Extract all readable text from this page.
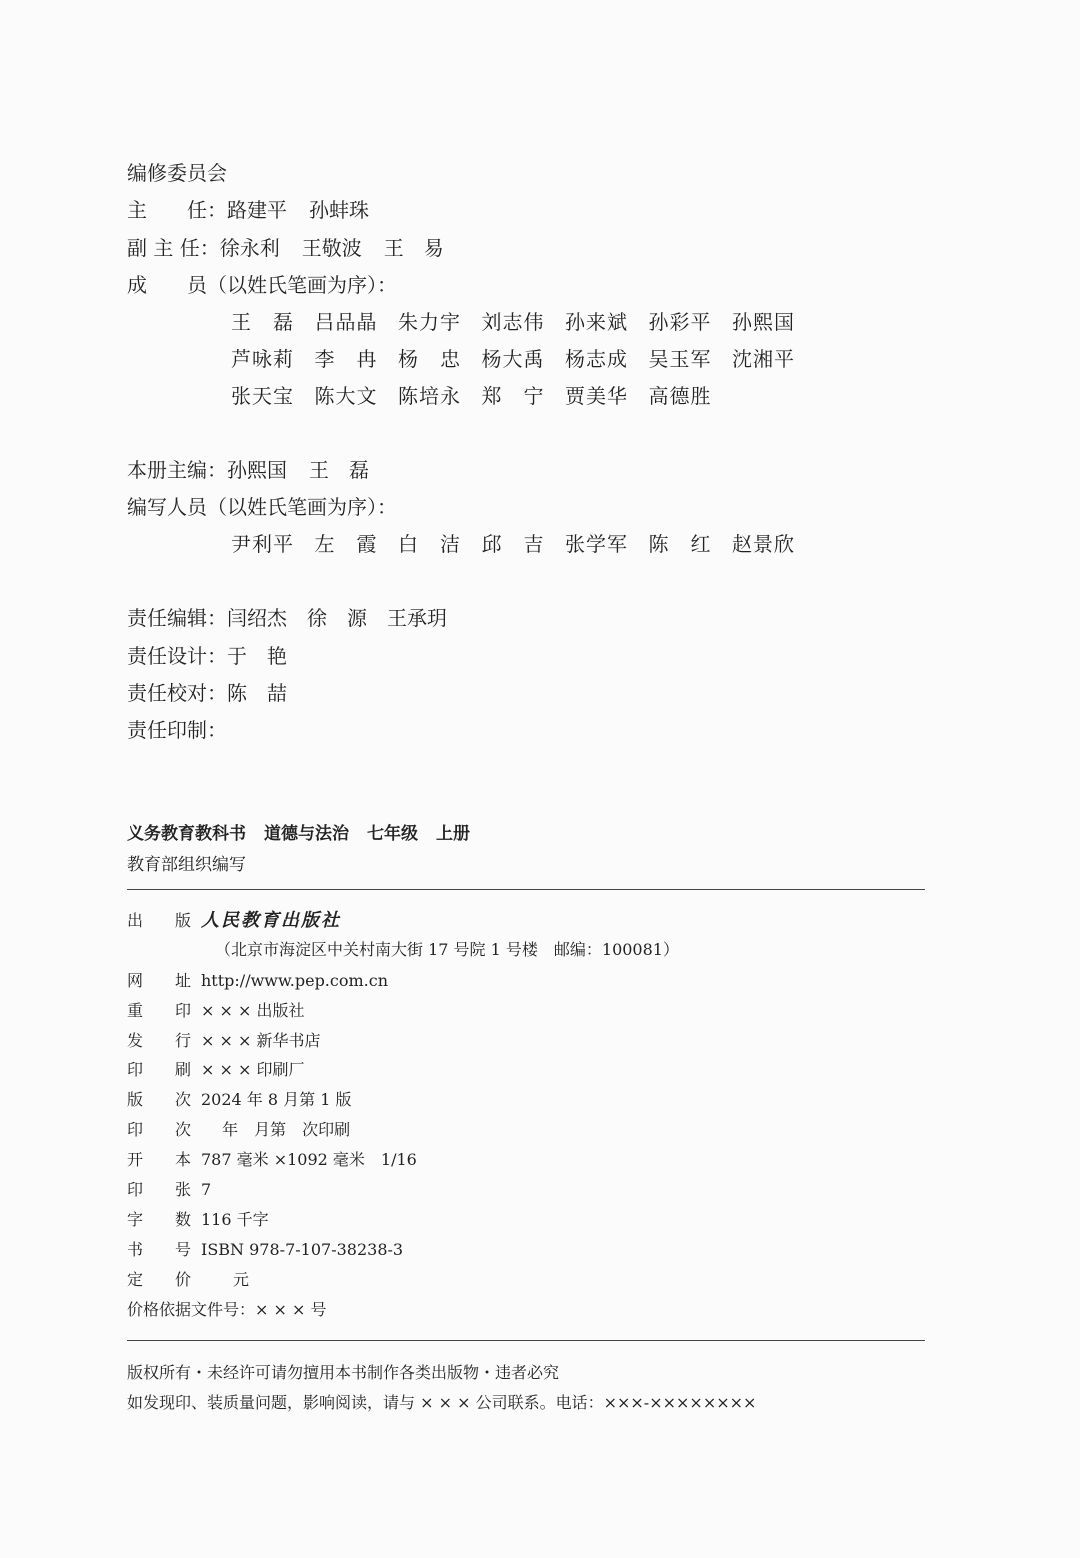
编修委员会
主　　任：路建平 孙蚌珠
副 主 任：徐永利 王敬波 王　易
成　　员（以姓氏笔画为序）：
王　磊 吕品晶 朱力宇 刘志伟 孙来斌 孙彩平 孙熙国
芦咏莉 李　冉 杨　忠 杨大禹 杨志成 吴玉军 沈湘平
张天宝 陈大文 陈培永 郑　宁 贾美华 高德胜
本册主编：孙熙国 王　磊
编写人员（以姓氏笔画为序）：
尹利平 左　霞 白　洁 邱　吉 张学军 陈　红 赵景欣
责任编辑：闫绍杰　徐　源　王承玥
责任设计：于　艳
责任校对：陈　喆
责任印制：
义务教育教科书 道德与法治 七年级 上册
教育部组织编写
出　　版 人民教育出版社
（北京市海淀区中关村南大街 17 号院 1 号楼　邮编：100081）
网　　址 http://www.pep.com.cn
重　　印 × × × 出版社
发　　行 × × × 新华书店
印　　刷 × × × 印刷厂
版　　次 2024 年 8 月第 1 版
印　　次　 年　月第　次印刷
开　　本 787 毫米 ×1092 毫米　1/16
印　　张 7
字　　数 116 千字
书　　号 ISBN 978-7-107-38238-3
定　　价　　元
价格依据文件号：× × × 号
版权所有・未经许可请勿擅用本书制作各类出版物・违者必究
如发现印、装质量问题，影响阅读，请与 × × × 公司联系。电话：×××-××××××××
